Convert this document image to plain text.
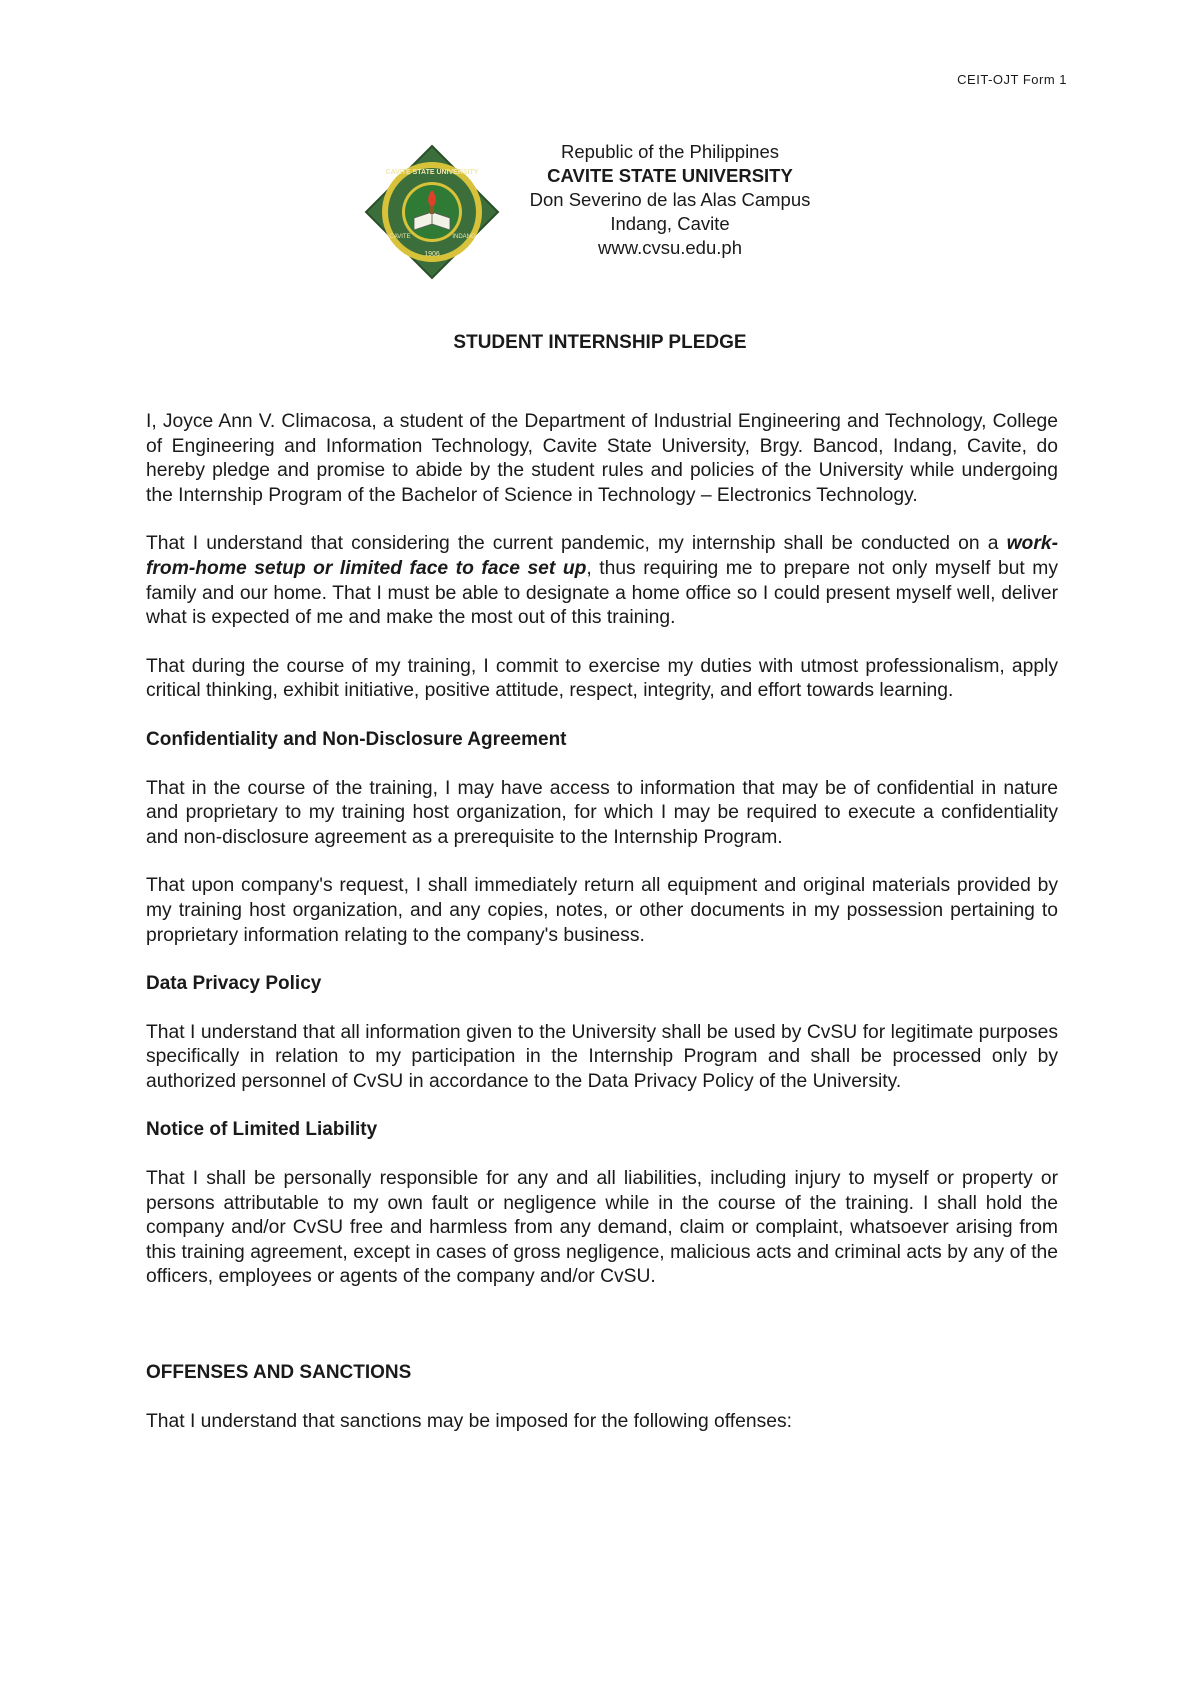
CEIT-OJT Form 1
CAVITE STATE UNIVERSITY
CAVITE	INDANG
1906
Republic of the Philippines
CAVITE STATE UNIVERSITY
Don Severino de las Alas Campus
Indang, Cavite
www.cvsu.edu.ph
STUDENT INTERNSHIP PLEDGE

I, Joyce Ann V. Climacosa, a student of the Department of Industrial Engineering and Technology, College of Engineering and Information Technology, Cavite State University, Brgy. Bancod, Indang, Cavite, do hereby pledge and promise to abide by the student rules and policies of the University while undergoing the Internship Program of the Bachelor of Science in Technology – Electronics Technology.

That I understand that considering the current pandemic, my internship shall be conducted on a work-from-home setup or limited face to face set up, thus requiring me to prepare not only myself but my family and our home. That I must be able to designate a home office so I could present myself well, deliver what is expected of me and make the most out of this training.

That during the course of my training, I commit to exercise my duties with utmost professionalism, apply critical thinking, exhibit initiative, positive attitude, respect, integrity, and effort towards learning.

Confidentiality and Non-Disclosure Agreement

That in the course of the training, I may have access to information that may be of confidential in nature and proprietary to my training host organization, for which I may be required to execute a confidentiality and non-disclosure agreement as a prerequisite to the Internship Program.

That upon company's request, I shall immediately return all equipment and original materials provided by my training host organization, and any copies, notes, or other documents in my possession pertaining to proprietary information relating to the company's business.

Data Privacy Policy

That I understand that all information given to the University shall be used by CvSU for legitimate purposes specifically in relation to my participation in the Internship Program and shall be processed only by authorized personnel of CvSU in accordance to the Data Privacy Policy of the University.

Notice of Limited Liability

That I shall be personally responsible for any and all liabilities, including injury to myself or property or persons attributable to my own fault or negligence while in the course of the training. I shall hold the company and/or CvSU free and harmless from any demand, claim or complaint, whatsoever arising from this training agreement, except in cases of gross negligence, malicious acts and criminal acts by any of the officers, employees or agents of the company and/or CvSU.

OFFENSES AND SANCTIONS

That I understand that sanctions may be imposed for the following offenses:
